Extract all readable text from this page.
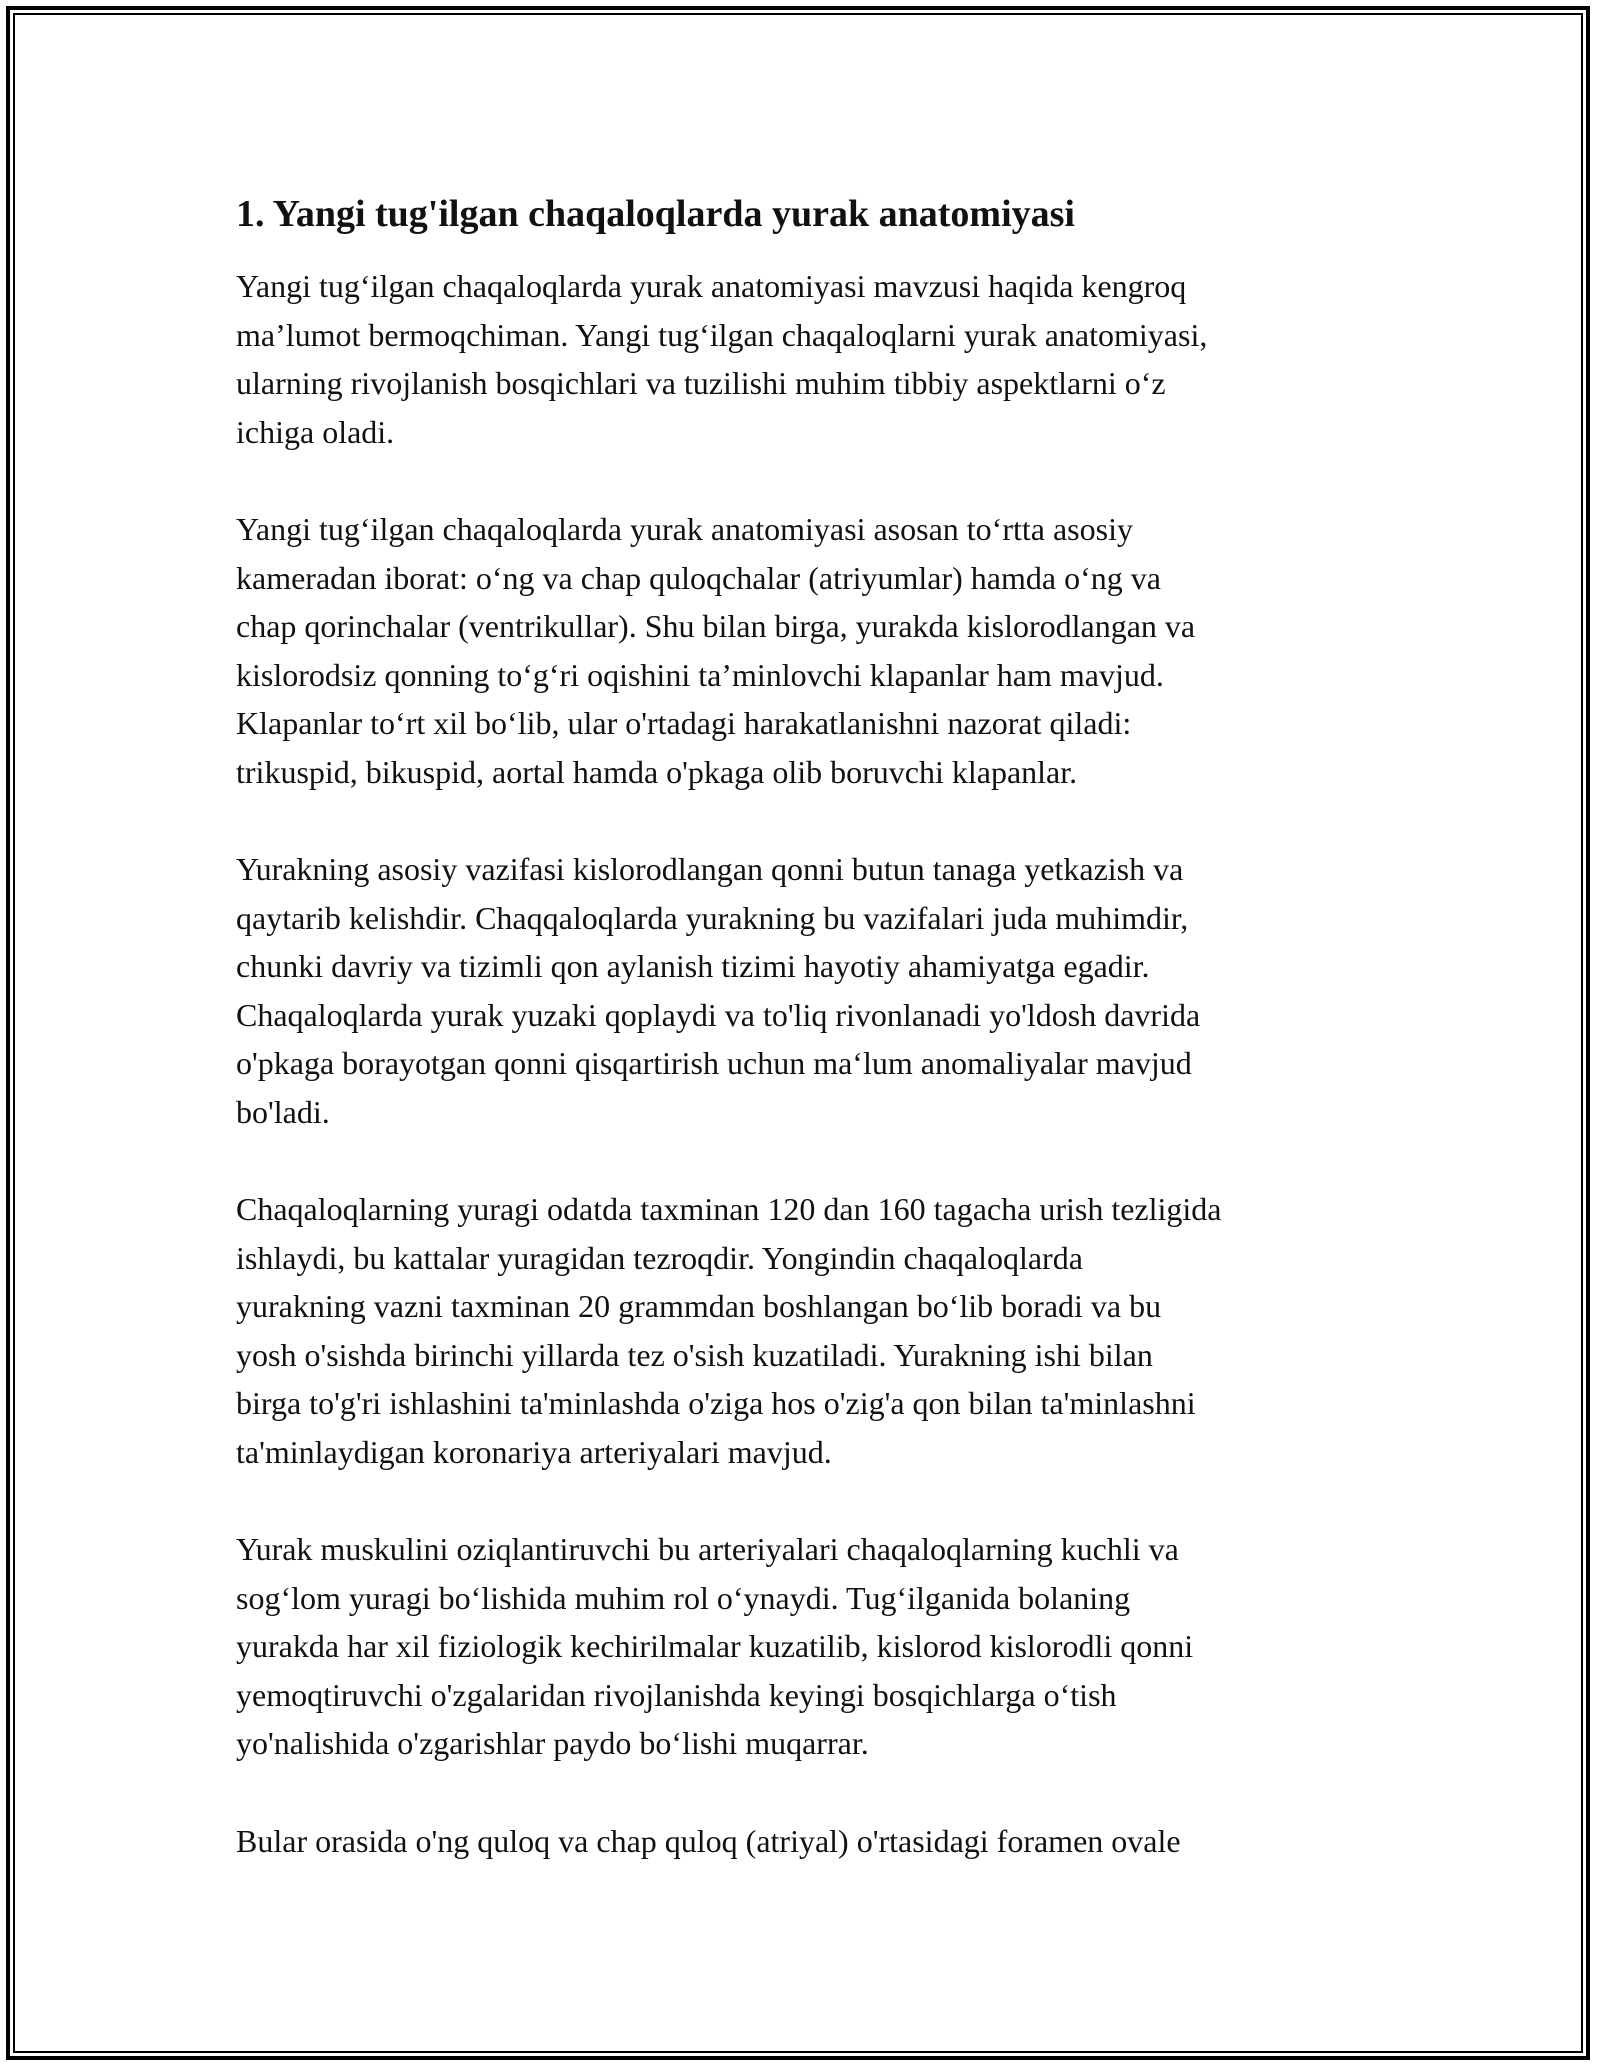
1. Yangi tug'ilgan chaqaloqlarda yurak anatomiyasi
Yangi tug‘ilgan chaqaloqlarda yurak anatomiyasi mavzusi haqida kengroq
ma’lumot bermoqchiman. Yangi tug‘ilgan chaqaloqlarni yurak anatomiyasi,
ularning rivojlanish bosqichlari va tuzilishi muhim tibbiy aspektlarni o‘z
ichiga oladi.
Yangi tug‘ilgan chaqaloqlarda yurak anatomiyasi asosan to‘rtta asosiy
kameradan iborat: o‘ng va chap quloqchalar (atriyumlar) hamda o‘ng va
chap qorinchalar (ventrikullar). Shu bilan birga, yurakda kislorodlangan va
kislorodsiz qonning to‘g‘ri oqishini ta’minlovchi klapanlar ham mavjud.
Klapanlar to‘rt xil bo‘lib, ular o'rtadagi harakatlanishni nazorat qiladi:
trikuspid, bikuspid, aortal hamda o'pkaga olib boruvchi klapanlar.
Yurakning asosiy vazifasi kislorodlangan qonni butun tanaga yetkazish va
qaytarib kelishdir. Chaqqaloqlarda yurakning bu vazifalari juda muhimdir,
chunki davriy va tizimli qon aylanish tizimi hayotiy ahamiyatga egadir.
Chaqaloqlarda yurak yuzaki qoplaydi va to'liq rivonlanadi yo'ldosh davrida
o'pkaga borayotgan qonni qisqartirish uchun ma‘lum anomaliyalar mavjud
bo'ladi.
Chaqaloqlarning yuragi odatda taxminan 120 dan 160 tagacha urish tezligida
ishlaydi, bu kattalar yuragidan tezroqdir. Yongindin chaqaloqlarda
yurakning vazni taxminan 20 grammdan boshlangan bo‘lib boradi va bu
yosh o'sishda birinchi yillarda tez o'sish kuzatiladi. Yurakning ishi bilan
birga to'g'ri ishlashini ta'minlashda o'ziga hos o'zig'a qon bilan ta'minlashni
ta'minlaydigan koronariya arteriyalari mavjud.
Yurak muskulini oziqlantiruvchi bu arteriyalari chaqaloqlarning kuchli va
sog‘lom yuragi bo‘lishida muhim rol o‘ynaydi. Tug‘ilganida bolaning
yurakda har xil fiziologik kechirilmalar kuzatilib, kislorod kislorodli qonni
yemoqtiruvchi o'zgalaridan rivojlanishda keyingi bosqichlarga o‘tish
yo'nalishida o'zgarishlar paydo bo‘lishi muqarrar.
Bular orasida o'ng quloq va chap quloq (atriyal) o'rtasidagi foramen ovale
